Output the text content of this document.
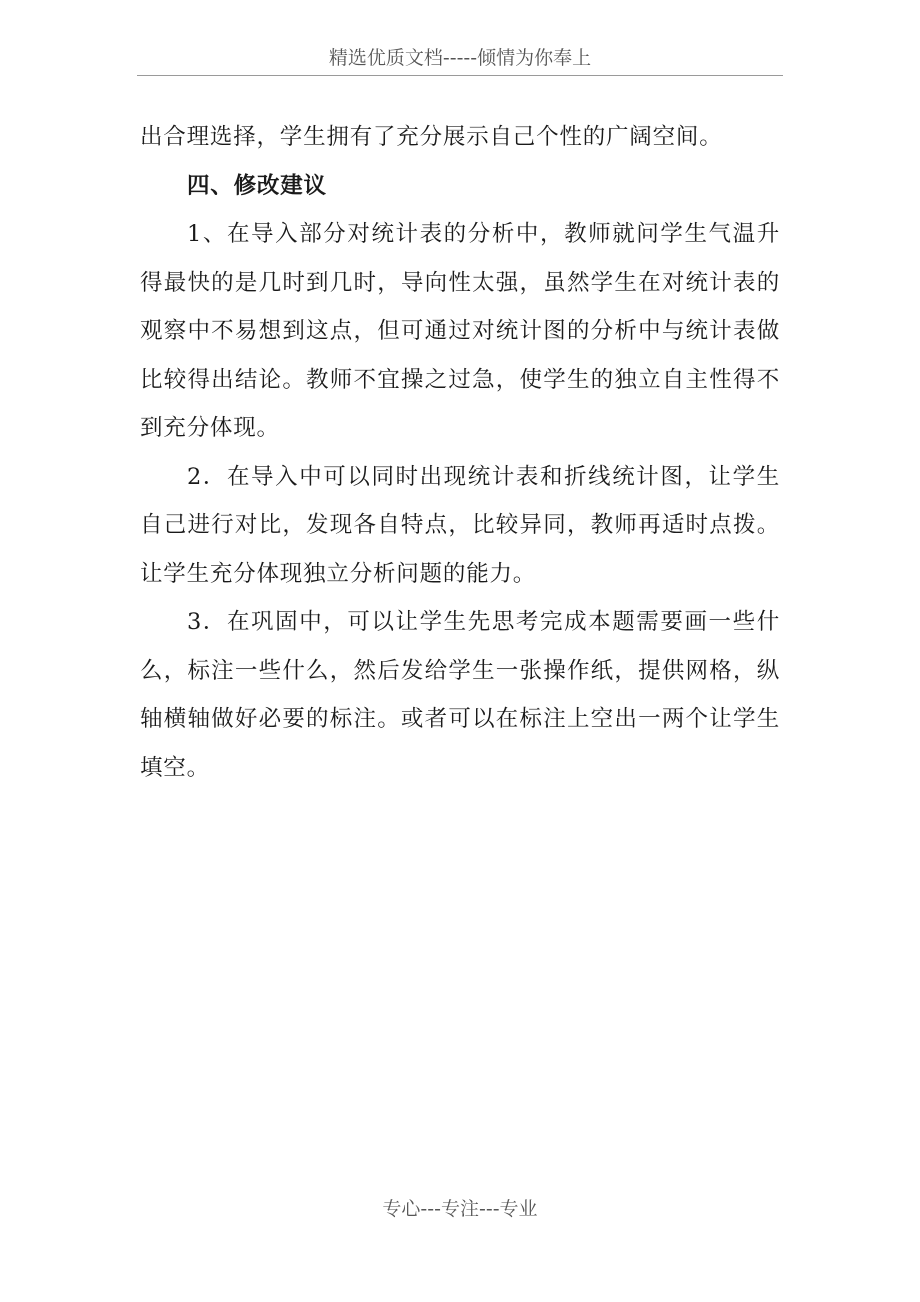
精选优质文档-----倾情为你奉上

出合理选择，学生拥有了充分展示自己个性的广阔空间。

四、修改建议

1、在导入部分对统计表的分析中，教师就问学生气温升得最快的是几时到几时，导向性太强，虽然学生在对统计表的观察中不易想到这点，但可通过对统计图的分析中与统计表做比较得出结论。教师不宜操之过急，使学生的独立自主性得不到充分体现。

2．在导入中可以同时出现统计表和折线统计图，让学生自己进行对比，发现各自特点，比较异同，教师再适时点拨。让学生充分体现独立分析问题的能力。

3．在巩固中，可以让学生先思考完成本题需要画一些什么，标注一些什么，然后发给学生一张操作纸，提供网格，纵轴横轴做好必要的标注。或者可以在标注上空出一两个让学生填空。

专心---专注---专业
